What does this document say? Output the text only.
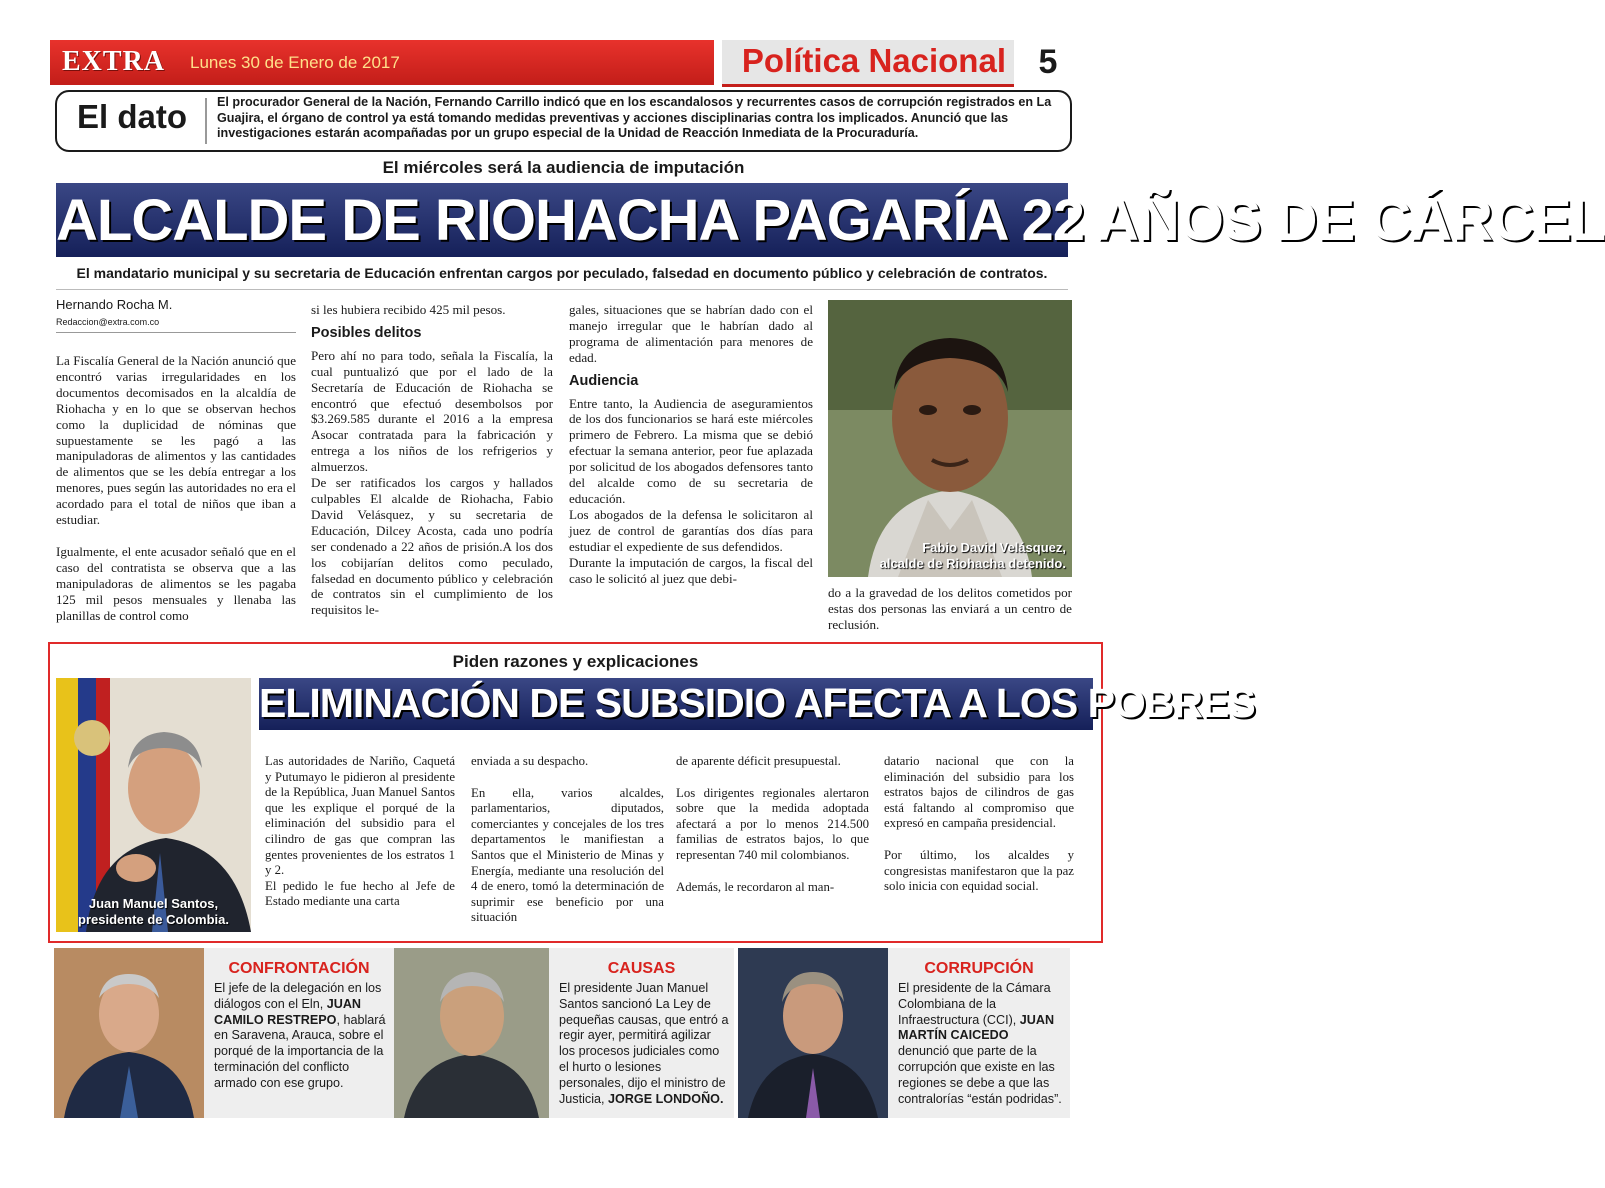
EXTRA Lunes 30 de Enero de 2017	Política Nacional 5
El dato El procurador General de la Nación, Fernando Carrillo indicó que en los escandalosos y recurrentes casos de corrupción registrados en La Guajira, el órgano de control ya está tomando medidas preventivas y acciones disciplinarias contra los implicados. Anunció que las investigaciones estarán acompañadas por un grupo especial de la Unidad de Reacción Inmediata de la Procuraduría.
El miércoles será la audiencia de imputación
ALCALDE DE RIOHACHA PAGARÍA 22 AÑOS DE CÁRCEL
El mandatario municipal y su secretaria de Educación enfrentan cargos por peculado, falsedad en documento público y celebración de contratos.
Hernando Rocha M.
Redaccion@extra.com.co

La Fiscalía General de la Nación anunció que encontró varias irregularidades en los documentos decomisados en la alcaldía de Riohacha y en lo que se observan hechos como la duplicidad de nóminas que supuestamente se les pagó a las manipuladoras de alimentos y las cantidades de alimentos que se les debía entregar a los menores, pues según las autoridades no era el acordado para el total de niños que iban a estudiar.

Igualmente, el ente acusador señaló que en el caso del contratista se observa que a las manipuladoras de alimentos se les pagaba 125 mil pesos mensuales y llenaba las planillas de control como

si les hubiera recibido 425 mil pesos.

Posibles delitos

Pero ahí no para todo, señala la Fiscalía, la cual puntualizó que por el lado de la Secretaría de Educación de Riohacha se encontró que efectuó desembolsos por $3.269.585 durante el 2016 a la empresa Asocar contratada para la fabricación y entrega a los niños de los refrigerios y almuerzos.

De ser ratificados los cargos y hallados culpables El alcalde de Riohacha, Fabio David Velásquez, y su secretaria de Educación, Dilcey Acosta, cada uno podría ser condenado a 22 años de prisión.A los dos los cobijarían delitos como peculado, falsedad en documento público y celebración de contratos sin el cumplimiento de los requisitos le-

gales, situaciones que se habrían dado con el manejo irregular que le habrían dado al programa de alimentación para menores de edad.

Audiencia

Entre tanto, la Audiencia de aseguramientos de los dos funcionarios se hará este miércoles primero de Febrero. La misma que se debió efectuar la semana anterior, peor fue aplazada por solicitud de los abogados defensores tanto del alcalde como de su secretaria de educación.

Los abogados de la defensa le solicitaron al juez de control de garantías dos días para estudiar el expediente de sus defendidos.

Durante la imputación de cargos, la fiscal del caso le solicitó al juez que debi-

Fabio David Velásquez,
alcalde de Riohacha detenido.

do a la gravedad de los delitos cometidos por estas dos personas las enviará a un centro de reclusión.

Piden razones y explicaciones
ELIMINACIÓN DE SUBSIDIO AFECTA A LOS POBRES
Juan Manuel Santos,
presidente de Colombia.

Las autoridades de Nariño, Caquetá y Putumayo le pidieron al presidente de la República, Juan Manuel Santos que les explique el porqué de la eliminación del subsidio para el cilindro de gas que compran las gentes provenientes de los estratos 1 y 2.

El pedido le fue hecho al Jefe de Estado mediante una carta

enviada a su despacho.

En ella, varios alcaldes, parlamentarios, diputados, comerciantes y concejales de los tres departamentos le manifiestan a Santos que el Ministerio de Minas y Energía, mediante una resolución del 4 de enero, tomó la determinación de suprimir ese beneficio por una situación

de aparente déficit presupuestal.

Los dirigentes regionales alertaron sobre que la medida adoptada afectará a por lo menos 214.500 familias de estratos bajos, lo que representan 740 mil colombianos.

Además, le recordaron al man-

datario nacional que con la eliminación del subsidio para los estratos bajos de cilindros de gas está faltando al compromiso que expresó en campaña presidencial.

Por último, los alcaldes y congresistas manifestaron que la paz solo inicia con equidad social.

CONFRONTACIÓN
El jefe de la delegación en los diálogos con el Eln, JUAN CAMILO RESTREPO, hablará en Saravena, Arauca, sobre el porqué de la importancia de la terminación del conflicto armado con ese grupo.
CAUSAS
El presidente Juan Manuel Santos sancionó La Ley de pequeñas causas, que entró a regir ayer, permitirá agilizar los procesos judiciales como el hurto o lesiones personales, dijo el ministro de Justicia, JORGE LONDOÑO.
CORRUPCIÓN
El presidente de la Cámara Colombiana de la Infraestructura (CCI), JUAN MARTÍN CAICEDO denunció que parte de la corrupción que existe en las regiones se debe a que las contralorías “están podridas”.
